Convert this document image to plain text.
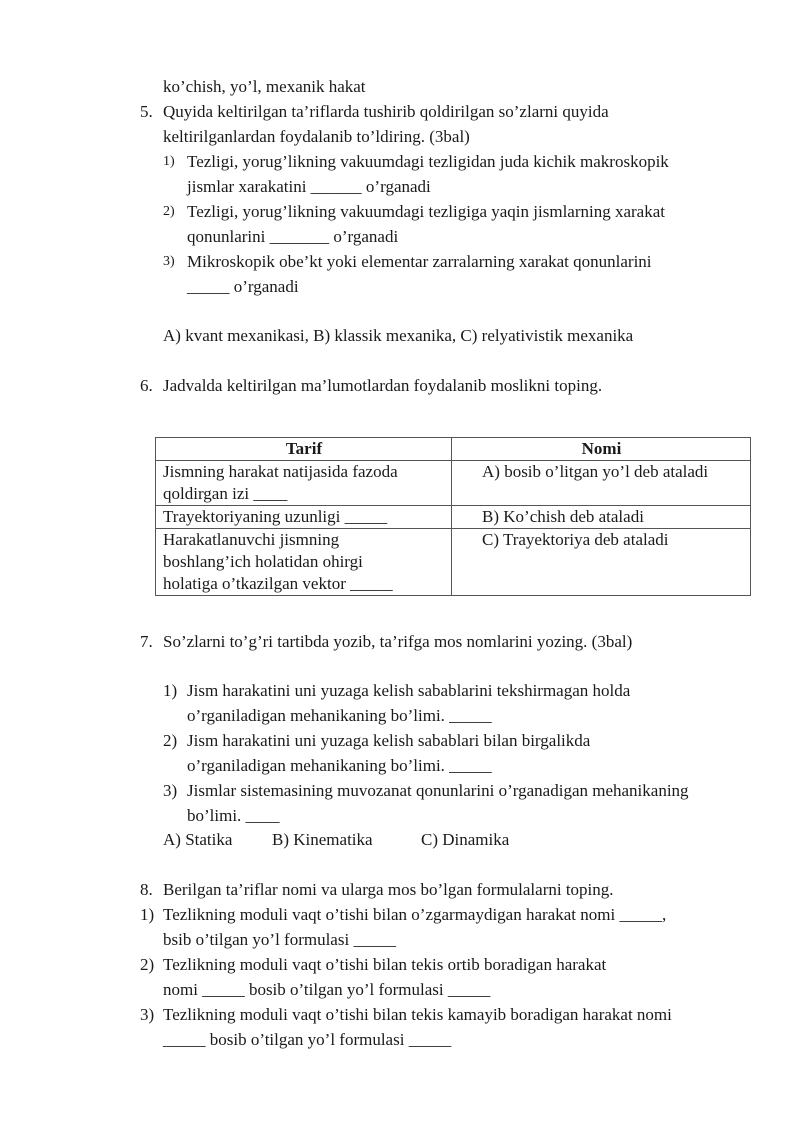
ko’chish, yo’l, mexanik hakat
5. Quyida keltirilgan ta’riflarda tushirib qoldirilgan so’zlarni quyida
keltirilganlardan foydalanib to’ldiring. (3bal)
1) Tezligi, yorug’likning vakuumdagi tezligidan juda kichik makroskopik
jismlar xarakatini ______ o’rganadi
2) Tezligi, yorug’likning vakuumdagi tezligiga yaqin jismlarning xarakat
qonunlarini _______ o’rganadi
3) Mikroskopik obe’kt yoki elementar zarralarning xarakat qonunlarini
_____ o’rganadi
A) kvant mexanikasi, B) klassik mexanika, C) relyativistik mexanika
6. Jadvalda keltirilgan ma’lumotlardan foydalanib moslikni toping.
Tarif	Nomi
Jismning harakat natijasida fazoda
qoldirgan izi ____	A) bosib o’litgan yo’l deb ataladi
Trayektoriyaning uzunligi _____	B) Ko’chish deb ataladi
Harakatlanuvchi jismning
boshlang’ich holatidan ohirgi
holatiga o’tkazilgan vektor _____	C) Trayektoriya deb ataladi
7. So’zlarni to’g’ri tartibda yozib, ta’rifga mos nomlarini yozing. (3bal)
1) Jism harakatini uni yuzaga kelish sabablarini tekshirmagan holda
o’rganiladigan mehanikaning bo’limi. _____
2) Jism harakatini uni yuzaga kelish sabablari bilan birgalikda
o’rganiladigan mehanikaning bo’limi. _____
3) Jismlar sistemasining muvozanat qonunlarini o’rganadigan mehanikaning
bo’limi. ____
A) Statika B) Kinematika	C) Dinamika
8. Berilgan ta’riflar nomi va ularga mos bo’lgan formulalarni toping.
1) Tezlikning moduli vaqt o’tishi bilan o’zgarmaydigan harakat nomi _____,
bsib o’tilgan yo’l formulasi _____
2) Tezlikning moduli vaqt o’tishi bilan tekis ortib boradigan harakat
nomi _____ bosib o’tilgan yo’l formulasi _____
3) Tezlikning moduli vaqt o’tishi bilan tekis kamayib boradigan harakat nomi
_____ bosib o’tilgan yo’l formulasi _____
